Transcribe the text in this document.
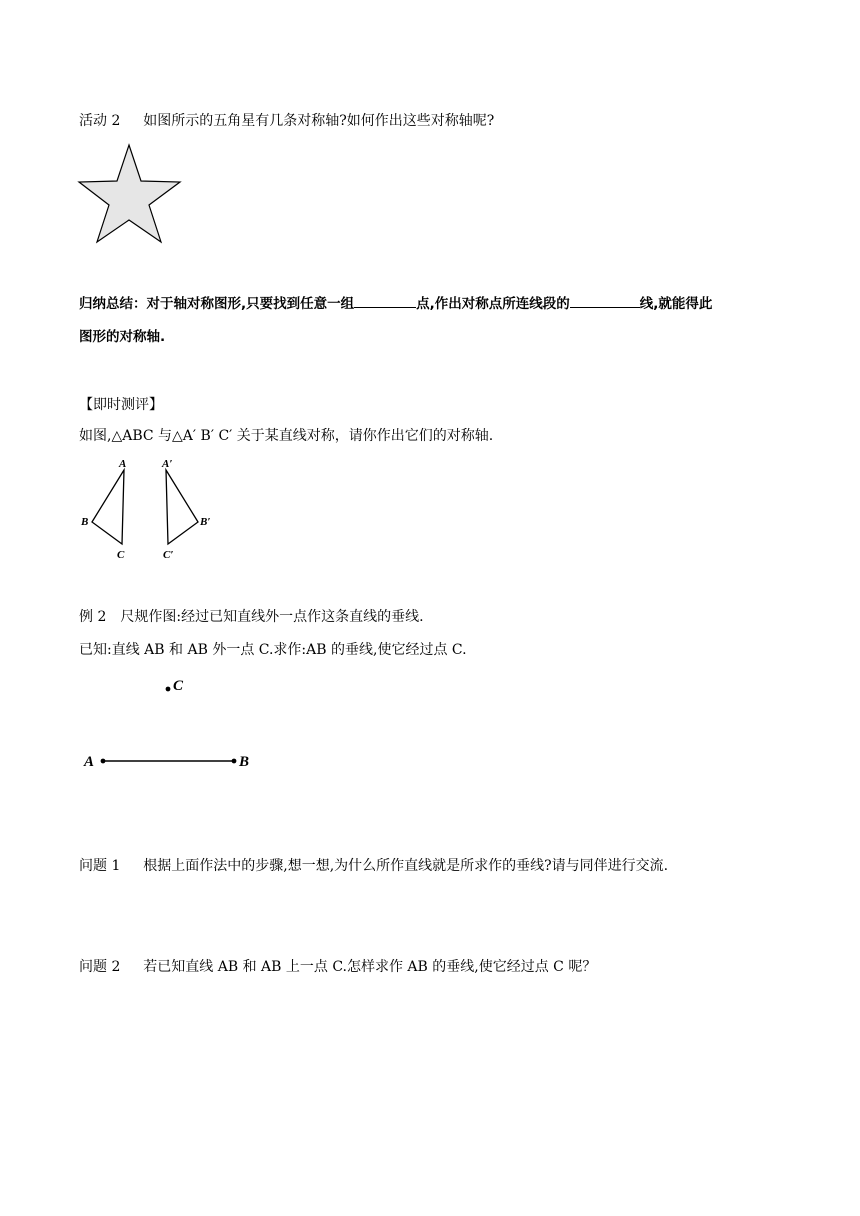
活动 2 如图所示的五角星有几条对称轴?如何作出这些对称轴呢?
归纳总结：对于轴对称图形,只要找到任意一组	点,作出对称点所连线段的	线,就能得此
图形的对称轴.
【即时测评】
如图,△ABC 与△A′ B′ C′ 关于某直线对称，请你作出它们的对称轴.
A
B
C
A′
B′
C′
例 2　尺规作图:经过已知直线外一点作这条直线的垂线.
已知:直线 AB 和 AB 外一点 C.求作:AB 的垂线,使它经过点 C.
C
A	B
问题 1 根据上面作法中的步骤,想一想,为什么所作直线就是所求作的垂线?请与同伴进行交流.
问题 2 若已知直线 AB 和 AB 上一点 C.怎样求作 AB 的垂线,使它经过点 C 呢？
